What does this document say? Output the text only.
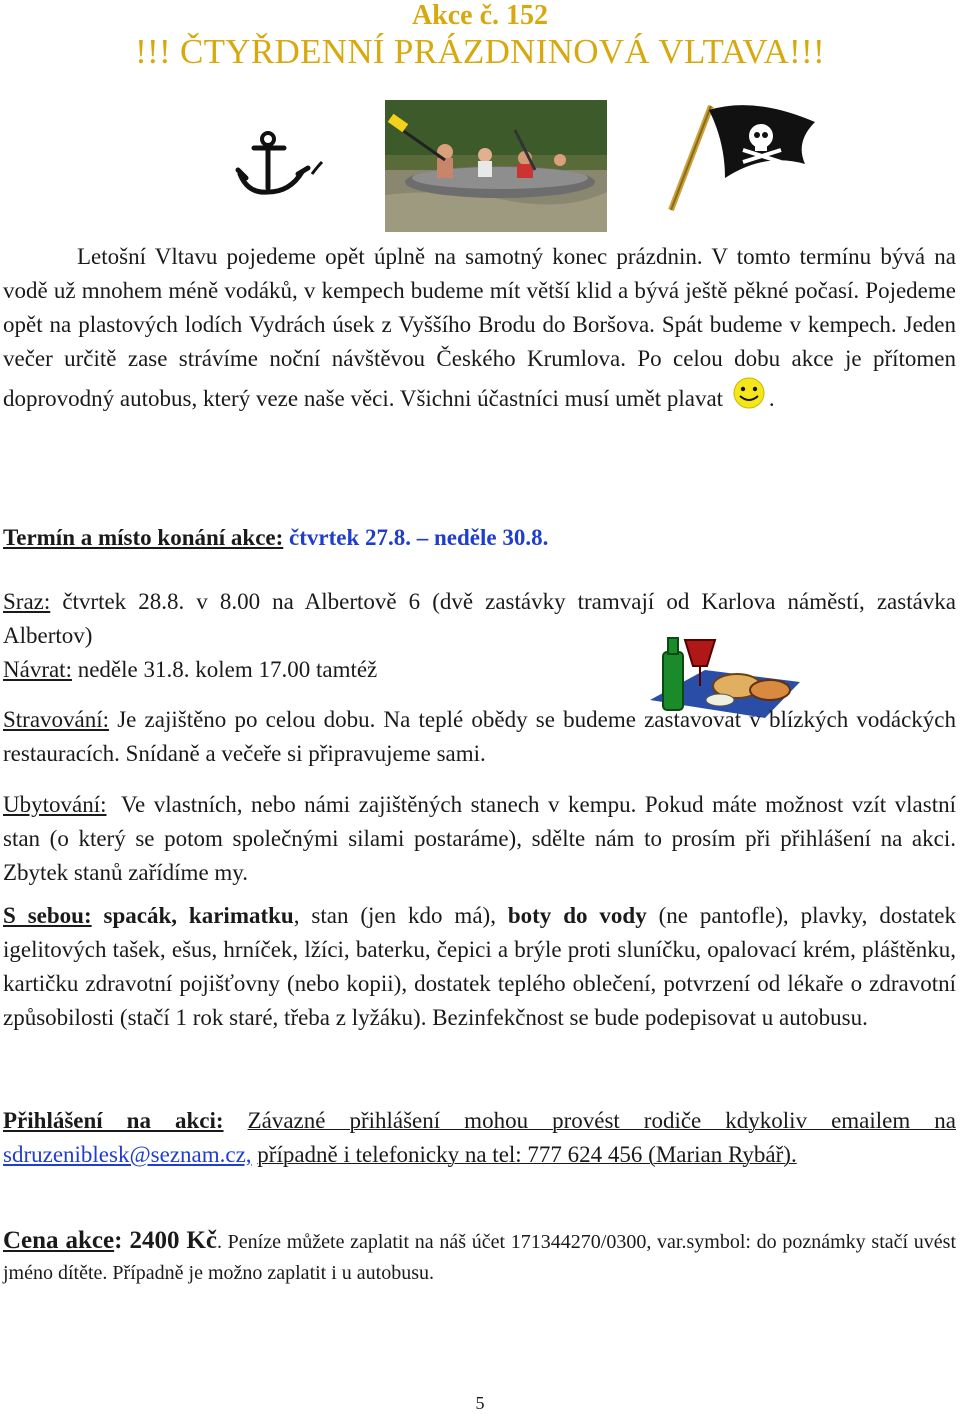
Akce č. 152
!!! ČTYŘDENNÍ PRÁZDNINOVÁ VLTAVA!!!
Letošní Vltavu pojedeme opět úplně na samotný konec prázdnin. V tomto termínu bývá na vodě už mnohem méně vodáků, v kempech budeme mít větší klid a bývá ještě pěkné počasí. Pojedeme opět na plastových lodích Vydrách úsek z Vyššího Brodu do Boršova. Spát budeme v kempech. Jeden večer určitě zase strávíme noční návštěvou Českého Krumlova. Po celou dobu akce je přítomen doprovodný autobus, který veze naše věci. Všichni účastníci musí umět plavat .
Termín a místo konání akce: čtvrtek 27.8. – neděle 30.8.
Sraz: čtvrtek 28.8. v 8.00 na Albertově 6 (dvě zastávky tramvají od Karlova náměstí, zastávka Albertov)
Návrat: neděle 31.8. kolem 17.00 tamtéž
Stravování: Je zajištěno po celou dobu. Na teplé obědy se budeme zastavovat v blízkých vodáckých restauracích. Snídaně a večeře si připravujeme sami.
Ubytování: Ve vlastních, nebo námi zajištěných stanech v kempu. Pokud máte možnost vzít vlastní stan (o který se potom společnými silami postaráme), sdělte nám to prosím při přihlášení na akci. Zbytek stanů zařídíme my.
S sebou: spacák, karimatku, stan (jen kdo má), boty do vody (ne pantofle), plavky, dostatek igelitových tašek, ešus, hrníček, lžíci, baterku, čepici a brýle proti sluníčku, opalovací krém, pláštěnku, kartičku zdravotní pojišťovny (nebo kopii), dostatek teplého oblečení, potvrzení od lékaře o zdravotní způsobilosti (stačí 1 rok staré, třeba z lyžáku). Bezinfekčnost se bude podepisovat u autobusu.
Přihlášení na akci: Závazné přihlášení mohou provést rodiče kdykoliv emailem na sdruzeniblesk@seznam.cz, případně i telefonicky na tel: 777 624 456 (Marian Rybář).
Cena akce: 2400 Kč. Peníze můžete zaplatit na náš účet 171344270/0300, var.symbol: do poznámky stačí uvést jméno dítěte. Případně je možno zaplatit i u autobusu.
5
